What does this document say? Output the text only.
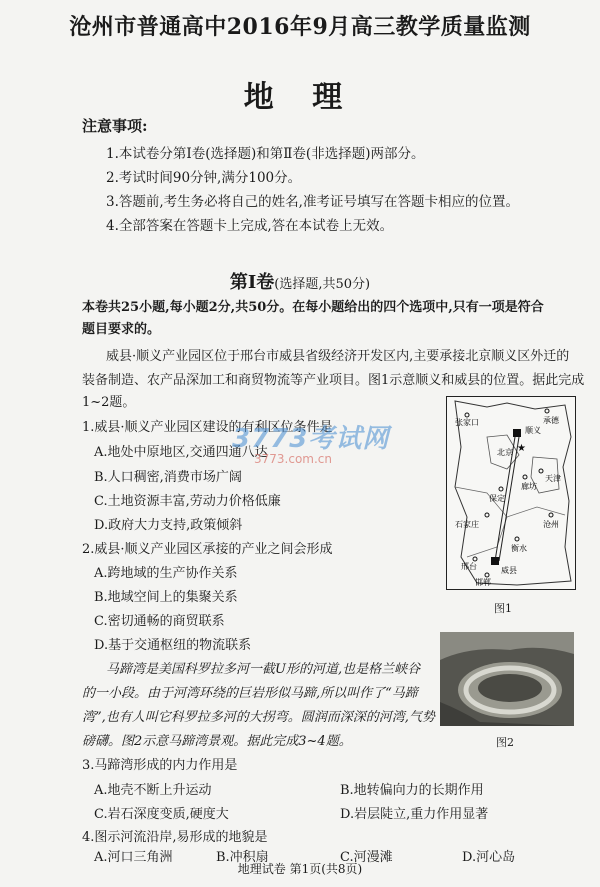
沧州市普通高中2016年9月高三教学质量监测
地 理
注意事项:
1.本试卷分第Ⅰ卷(选择题)和第Ⅱ卷(非选择题)两部分。
2.考试时间90分钟,满分100分。
3.答题前,考生务必将自己的姓名,准考证号填写在答题卡相应的位置。
4.全部答案在答题卡上完成,答在本试卷上无效。
第Ⅰ卷(选择题,共50分)
本卷共25小题,每小题2分,共50分。在每小题给出的四个选项中,只有一项是符合
题目要求的。
威县·顺义产业园区位于邢台市威县省级经济开发区内,主要承接北京顺义区外迁的
装备制造、农产品深加工和商贸物流等产业项目。图1示意顺义和威县的位置。据此完成
1~2题。
1.威县·顺义产业园区建设的有利区位条件是
A.地处中原地区,交通四通八达
B.人口稠密,消费市场广阔
C.土地资源丰富,劳动力价格低廉
D.政府大力支持,政策倾斜
2.威县·顺义产业园区承接的产业之间会形成
A.跨地域的生产协作关系
B.地域空间上的集聚关系
C.密切通畅的商贸联系
D.基于交通枢纽的物流联系
马蹄湾是美国科罗拉多河一截U形的河道,也是格兰峡谷
的一小段。由于河湾环绕的巨岩形似马蹄,所以叫作了“马蹄
湾”,也有人叫它科罗拉多河的大拐弯。圆润而深深的河湾,气势
磅礴。图2示意马蹄湾景观。据此完成3~4题。
3.马蹄湾形成的内力作用是
A.地壳不断上升运动	B.地转偏向力的长期作用
C.岩石深度变质,硬度大	D.岩层陡立,重力作用显著
4.图示河流沿岸,易形成的地貌是
A.河口三角洲	B.冲积扇	C.河漫滩	D.河心岛
★
张家口	承德
顺义
北京
廊坊
天津
保定
石家庄	沧州
衡水
邢台	威县
邯郸
图1
图2
3773考试网
3773.com.cn
地理试卷 第1页(共8页)
